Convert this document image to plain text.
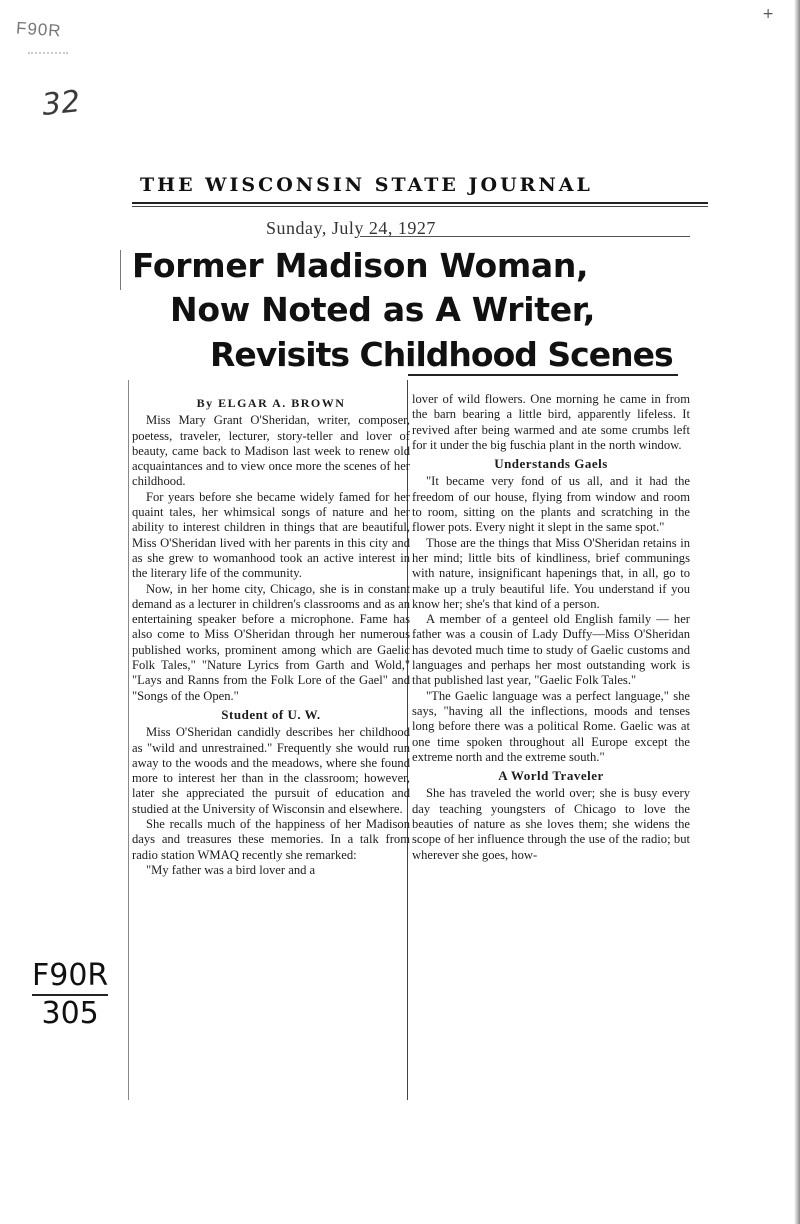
F90R
32
+
F90R
305
THE WISCONSIN STATE JOURNAL
Sunday, July 24, 1927
Former Madison Woman,
Now Noted as A Writer,
Revisits Childhood Scenes
By ELGAR A. BROWN

Miss Mary Grant O'Sheridan, writer, composer, poetess, traveler, lecturer, story-teller and lover of beauty, came back to Madison last week to renew old acquaintances and to view once more the scenes of her childhood.

For years before she became widely famed for her quaint tales, her whimsical songs of nature and her ability to interest children in things that are beautiful, Miss O'Sheridan lived with her parents in this city and as she grew to womanhood took an active interest in the literary life of the community.

Now, in her home city, Chicago, she is in constant demand as a lecturer in children's classrooms and as an entertaining speaker before a microphone. Fame has also come to Miss O'Sheridan through her numerous published works, prominent among which are Gaelic Folk Tales," "Nature Lyrics from Garth and Wold," "Lays and Ranns from the Folk Lore of the Gael" and "Songs of the Open."

Student of U. W.

Miss O'Sheridan candidly describes her childhood as "wild and unrestrained." Frequently she would run away to the woods and the meadows, where she found more to interest her than in the classroom; however, later she appreciated the pursuit of education and studied at the University of Wisconsin and elsewhere.

She recalls much of the happiness of her Madison days and treasures these memories. In a talk from radio station WMAQ recently she remarked:

"My father was a bird lover and a

lover of wild flowers. One morning he came in from the barn bearing a little bird, apparently lifeless. It revived after being warmed and ate some crumbs left for it under the big fuschia plant in the north window.

Understands Gaels

"It became very fond of us all, and it had the freedom of our house, flying from window and room to room, sitting on the plants and scratching in the flower pots. Every night it slept in the same spot."

Those are the things that Miss O'Sheridan retains in her mind; little bits of kindliness, brief communings with nature, insignificant hapenings that, in all, go to make up a truly beautiful life. You understand if you know her; she's that kind of a person.

A member of a genteel old English family — her father was a cousin of Lady Duffy—Miss O'Sheridan has devoted much time to study of Gaelic customs and languages and perhaps her most outstanding work is that published last year, "Gaelic Folk Tales."

"The Gaelic language was a perfect language," she says, "having all the inflections, moods and tenses long before there was a political Rome. Gaelic was at one time spoken throughout all Europe except the extreme north and the extreme south."

A World Traveler

She has traveled the world over; she is busy every day teaching youngsters of Chicago to love the beauties of nature as she loves them; she widens the scope of her influence through the use of the radio; but wherever she goes, how-
